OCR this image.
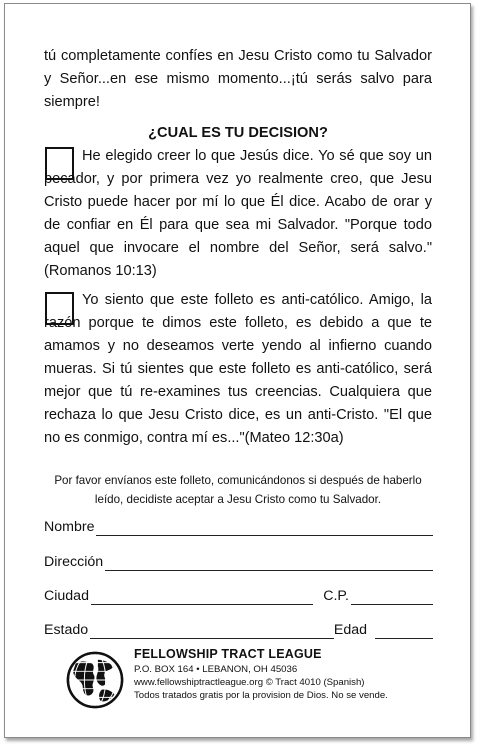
tú completamente confíes en Jesu Cristo como tu Salvador y Señor...en ese mismo momento...¡tú serás salvo para siempre!

¿CUAL ES TU DECISION?

He elegido creer lo que Jesús dice. Yo sé que soy un pecador, y por primera vez yo realmente creo, que Jesu Cristo puede hacer por mí lo que Él dice. Acabo de orar y de confiar en Él para que sea mi Salvador. "Porque todo aquel que invocare el nombre del Señor, será salvo." (Romanos 10:13)

Yo siento que este folleto es anti-católico. Amigo, la razón porque te dimos este folleto, es debido a que te amamos y no deseamos verte yendo al infierno cuando mueras. Si tú sientes que este folleto es anti-católico, será mejor que tú re-examines tus creencias. Cualquiera que rechaza lo que Jesu Cristo dice, es un anti-Cristo. "El que no es conmigo, contra mí es..."(Mateo 12:30a)

Por favor envíanos este folleto, comunicándonos si después de haberlo leído, decidiste aceptar a Jesu Cristo como tu Salvador.

Nombre
Dirección
Ciudad	C.P.
Estado	Edad
FELLOWSHIP TRACT LEAGUE
P.O. BOX 164 • LEBANON, OH 45036
www.fellowshiptractleague.org © Tract 4010 (Spanish)
Todos tratados gratis por la provision de Dios. No se vende.
